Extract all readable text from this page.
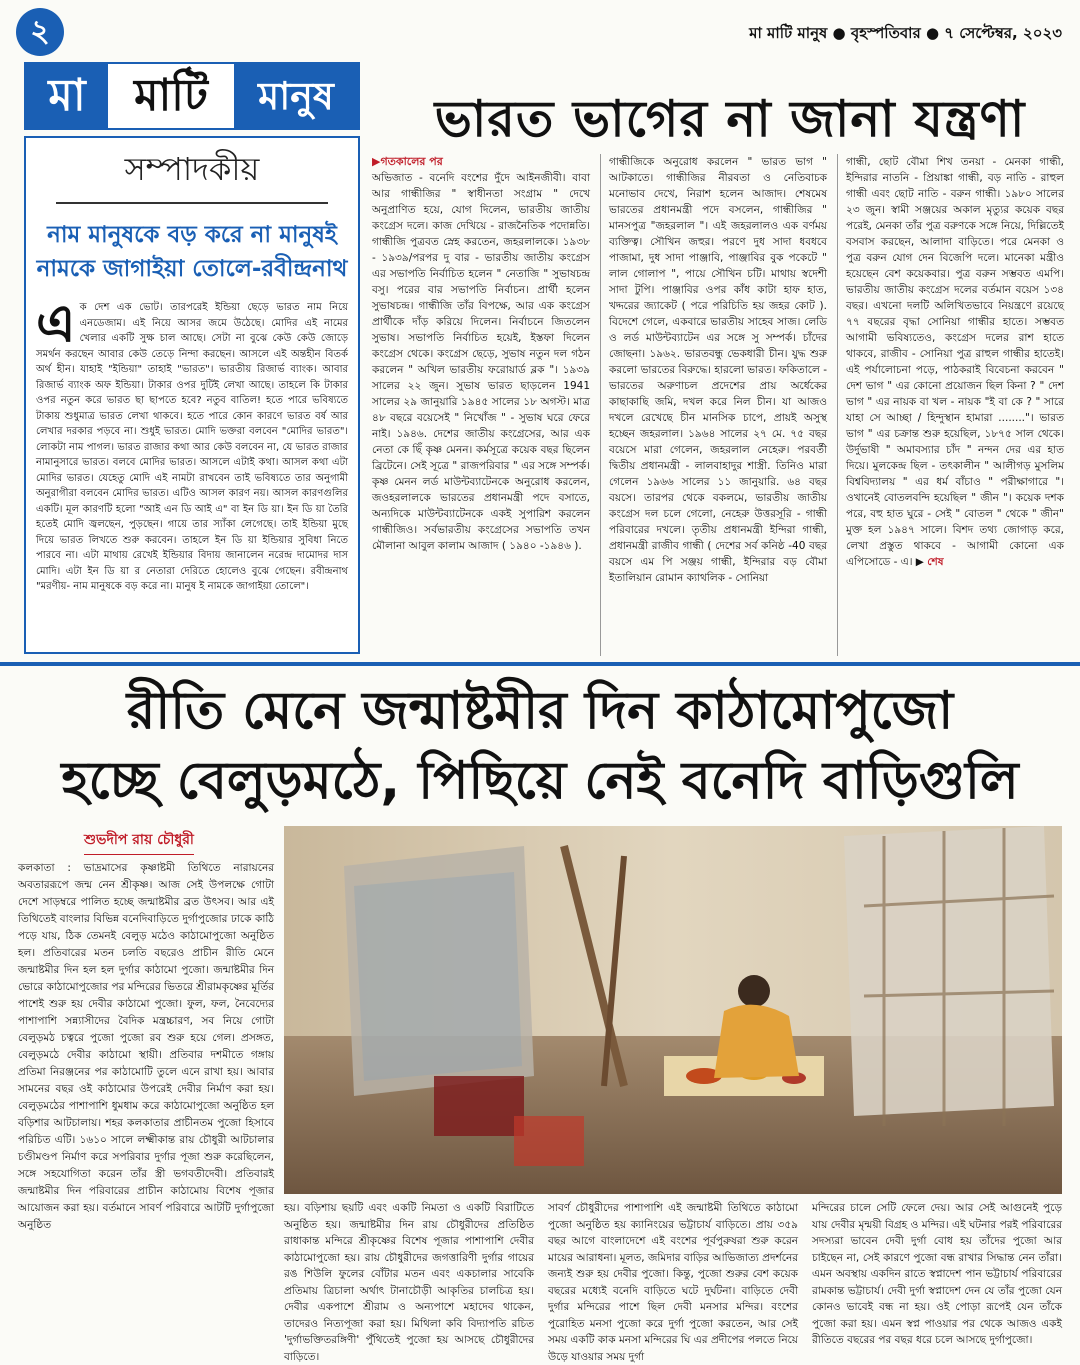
২	মা মাটি মানুষ ● বৃহস্পতিবার ● ৭ সেপ্টেম্বর, ২০২৩
মা	মাটি	মানুষ
সম্পাদকীয়
নাম মানুষকে বড় করে না মানুষই নামকে জাগাইয়া তোলে-রবীন্দ্রনাথ
এ ক দেশ এক ভোট। তারপরেই ইন্ডিয়া ছেড়ে ভারত নাম নিয়ে এনডেজাম। এই নিয়ে আসর জমে উঠেছে। মোদির এই নামের খেলার একটি সুক্ষ চাল আছে। সেটা না বুঝে কেউ কেউ জোড়ে সমর্থন করছেন আবার কেউ তেড়ে নিন্দা করছেন। আসলে এই অন্তহীন বিতর্ক অর্থ হীন। যাহাই "ইন্ডিয়া" তাহাই "ভারত"। ভারতীয় রিজার্ভ ব্যাংক। আবার রিজার্ভ ব্যাংক অফ ইন্ডিয়া। টাকার ওপর দুটিই লেখা আছে। তাহলে কি টাকার ওপর নতুন করে ভারত ছা ছাপতে হবে? নতুব বাতিল! হতে পারে ভবিষ্যতে টাকায় শুধুমাত্র ভারত লেখা থাকবে। হতে পারে কোন কারণে ভারত বর্ষ আর লেখার দরকার পড়বে না। শুধুই ভারত। মোদি ভক্তরা বলবেন "মোদির ভারত"। লোকটা নাম পাগল। ভারত রাজার কথা আর কেউ বলবেন না, যে ভারত রাজার নামানুসারে ভারত। বলবে মোদির ভারত। আসলে এটাই কথা। আসল কথা এটা মোদির ভারত। যেহেতু মোদি এই নামটা রাখবেন তাই ভবিষ্যতে তার অনুগামী অনুরাগীরা বলবেন মোদির ভারত। এটিও আসল কারণ নয়। আসল কারণগুলির একটি। মূল কারণটি হলো "আই এন ডি আই এ" বা ইন ডি য়া। ইন ডি য়া তৈরি হতেই মোদি জ্বলছেন, পুড়ছেন। গায়ে তার স্যাঁকা লেগেছে। তাই ইন্ডিয়া মুছে দিয়ে ভারত লিখতে শুরু করবেন। তাহলে ইন ডি য়া ইন্ডিয়ার সুবিধা নিতে পারবে না। এটা মাথায় রেখেই ইন্ডিয়ার বিদায় জানালেন নরেন্দ্র দামোদর দাস মোদি। এটা ইন ডি য়া র নেতারা দেরিতে হোলেও বুঝে গেছেন। রবীন্দ্রনাথ "মরণীয়- নাম মানুষকে বড় করে না। মানুষ ই নামকে জাগাইয়া তোলে"।
ভারত ভাগের না জানা যন্ত্রণা
▶গতকালের পর
অভিজাত - বনেদি বংশের দুঁদে আইনজীবী। বাবা আর গান্ধীজির " স্বাধীনতা সংগ্রাম " দেখে অনুপ্রাণিত হয়ে, যোগ দিলেন, ভারতীয় জাতীয় কংগ্রেস দলে। কাজ দেখিয়ে - রাজনৈতিক পদোন্নতি। গান্ধীজি পুত্রবত স্নেহ করতেন, জহরলালকে। ১৯৩৮ - ১৯৩৯/পরপর দু বার - ভারতীয় জাতীয় কংগ্রেস এর সভাপতি নির্বাচিত হলেন " নেতাজি " সুভাষচন্দ্র বসু। পরের বার সভাপতি নির্বাচন। প্রার্থী হলেন সুভাষচন্দ্র। গান্ধীজি তাঁর বিপক্ষে, আর এক কংগ্রেস প্রার্থীকে দাঁড় করিয়ে দিলেন। নির্বাচনে জিতলেন সুভাষ। সভাপতি নির্বাচিত হয়েই, ইস্তফা দিলেন কংগ্রেস থেকে। কংগ্রেস ছেড়ে, সুভাষ নতুন দল গঠন করলেন " অখিল ভারতীয় ফরোয়ার্ড ব্লক "। ১৯৩৯ সালের ২২ জুন। সুভাষ ভারত ছাড়লেন 1941 সালের ২৯ জানুয়ারি ১৯৪৫ সালের ১৮ অগস্ট। মাত্র ৪৮ বছরে বয়েসেই " নিখোঁজ " - সুভাষ ঘরে ফেরে নাই। ১৯৪৬. দেশের জাতীয় কংগ্রেসের, আর এক নেতা কে ছিঁ কৃষ্ণ মেনন। কর্মসূত্রে কয়েক বছর ছিলেন ব্রিটেনে। সেই সূত্রে " রাজপরিবার " এর সঙ্গে সম্পর্ক। কৃষ্ণ মেনন লর্ড মাউন্টব্যাটেনকে অনুরোধ করলেন, জওহরলালকে ভারতের প্রধানমন্ত্রী পদে বসাতে, অন্যদিকে মাউন্টব্যাটেনকে একই সুপারিশ করলেন গান্ধীজিও। সর্বভারতীয় কংগ্রেসের সভাপতি তখন মৌলানা আবুল কালাম আজাদ ( ১৯৪০ -১৯৪৬ ).
গান্ধীজিকে অনুরোধ করলেন " ভারত ভাগ " আটকাতে। গান্ধীজির নীরবতা ও নেতিবাচক মনোভাব দেখে, নিরাশ হলেন আজাদ। শেষমেষ ভারতের প্রধানমন্ত্রী পদে বসলেন, গান্ধীজির " মানসপুত্র "জহরলাল "। এই জহরলালও এক বর্ণময় ব্যক্তিত্ব। সৌখিন জহুর। পরণে দুধ সাদা ধবধবে পাজামা, দুধ সাদা পাঞ্জাবি, পাঞ্জাবির বুক পকেটে " লাল গোলাপ ", পায়ে সৌখিন চটি। মাথায় স্বদেশী সাদা টুপি। পাঞ্জাবির ওপর কাঁধ কাটা হাফ হাত, খদ্দরের জ্যাকেট ( পরে পরিচিতি হয় জহর কোট ). বিদেশে গেলে, একবারে ভারতীয় সাহেব সাজ। লেডি ও লর্ড মাউন্টব্যাটেন এর সঙ্গে সু সম্পর্ক। চাঁদের জোছনা। ১৯৬২. ভারতবন্ধু ভেকধারী চীন। যুদ্ধ শুরু করলো ভারতের বিরুদ্ধে। হারলো ভারত। ফকিতালে - ভারতের অরুণাচল প্রদেশের প্রায় অর্ধেকের কাছাকাছি জমি, দখল করে নিল চীন। যা আজও দখলে রেখেছে চীন মানসিক চাপে, প্রায়ই অসুস্থ হচ্ছেন জহরলাল। ১৯৬৪ সালের ২৭ মে. ৭৫ বছর বয়েসে মারা গেলেন, জহরলাল নেহেরু। পরবর্তী দ্বিতীয় প্রধানমন্ত্রী - লালবাহাদুর শাস্ত্রী. তিনিও মারা গেলেন ১৯৬৬ সালের ১১ জানুয়ারি. ৬৪ বছর বয়সে। তারপর থেকে বকলমে, ভারতীয় জাতীয় কংগ্রেস দল চলে গেলো, নেহেরু উত্তরসূরি - গান্ধী পরিবারের দখলে। তৃতীয় প্রধানমন্ত্রী ইন্দিরা গান্ধী, প্রধানমন্ত্রী রাজীব গান্ধী ( দেশের সর্ব কনিষ্ঠ -40 বছর বয়সে এম পি সঞ্জয় গান্ধী, ইন্দিরার বড় বৌমা ইতালিয়ান রোমান ক্যাথলিক - সোনিয়া
গান্ধী, ছোট বৌমা শিখ তনয়া - মেনকা গান্ধী, ইন্দিরার নাতনি - প্রিয়াঙ্কা গান্ধী, বড় নাতি - রাহুল গান্ধী এবং ছোট নাতি - বরুন গান্ধী। ১৯৮০ সালের ২৩ জুন। স্বামী সঞ্জয়ের অকাল মৃত্যুর কয়েক বছর পরেই, মেনকা তাঁর পুত্র বরুণকে সঙ্গে নিয়ে, দিল্লিতেই বসবাস করছেন, আলাদা বাড়িতে। পরে মেনকা ও পুত্র বরুন যোগ দেন বিজেপি দলে। মানেকা মন্ত্রীও হয়েছেন বেশ কয়েকবার। পুত্র বরুন সম্ভবত এমপি। ভারতীয় জাতীয় কংগ্রেস দলের বর্তমান বয়েস ১৩৪ বছর। এখনো দলটি অলিখিতভাবে নিয়ন্ত্রণে রয়েছে ৭৭ বছরের বৃদ্ধা সোনিয়া গান্ধীর হাতে। সম্ভবত আগামী ভবিষ্যতেও, কংগ্রেস দলের রাশ হাতে থাকবে, রাজীব - সোনিয়া পুত্র রাহুল গান্ধীর হাতেই। এই পর্যালোচনা পড়ে, পাঠকরাই বিবেচনা করবেন " দেশ ভাগ " এর কোনো প্রয়োজন ছিল কিনা ? " দেশ ভাগ " এর নায়ক বা খল - নায়ক "ই বা কে ? " সারে যাহা সে আচ্ছা / হিন্দুস্থান হামারা ........"। ভারত ভাগ " এর চক্রান্ত শুরু হয়েছিল, ১৮৭৫ সাল থেকে। উর্দুভাষী " অমাবস্যার চাঁদ " নন্দন দের এর হাত দিয়ে। মুলকেন্দ্র ছিল - তৎকালীন " আলীগড় মুসলিম বিশ্ববিদ্যালয় " এর ধর্ম বাঁচাও " পরীক্ষাগারে "। ওখানেই বোতলবন্দি হয়েছিল " জীন "। কয়েক দশক পরে, বহু হাত ঘুরে - সেই " বোতল " থেকে " জীন" মুক্ত হল ১৯৪৭ সালে। বিশদ তথ্য জোগাড় করে, লেখা প্রস্তুত থাকবে - আগামী কোনো এক এপিসোডে - এ। ▶ শেষ
রীতি মেনে জন্মাষ্টমীর দিন কাঠামোপুজো
হচ্ছে বেলুড়মঠে, পিছিয়ে নেই বনেদি বাড়িগুলি
শুভদীপ রায় চৌধুরী
কলকাতা : ভাদ্রমাসের কৃষ্ণাষ্টমী তিথিতে নারায়নের অবতাররূপে জন্ম নেন শ্রীকৃষ্ণ। আজ সেই উপলক্ষে গোটা দেশে সাড়ম্বরে পালিত হচ্ছে জন্মাষ্টমীর ব্রত উৎসব। আর এই তিথিতেই বাংলার বিভিন্ন বনেদিবাড়িতে দুর্গাপুজোর ঢাকে কাঠি পড়ে যায়, ঠিক তেমনই বেলুড় মঠেও কাঠামোপুজো অনুষ্ঠিত হল। প্রতিবারের মতন চলতি বছরেও প্রাচীন রীতি মেনে জন্মাষ্টমীর দিন হল হল দুর্গার কাঠামো পুজো। জন্মাষ্টমীর দিন ভোরে কাঠামোপুজোর পর মন্দিরের ভিতরে শ্রীরামকৃষ্ণের মূর্তির পাশেই শুরু হয় দেবীর কাঠামো পুজো। ফুল, ফল, নৈবেদ্যের পাশাপাশি সন্ন্যাসীদের বৈদিক মন্ত্রচ্চারণ, সব নিয়ে গোটা বেলুড়মঠ চত্বরে পুজো পুজো রব শুরু হয়ে গেল। প্রসঙ্গত, বেলুড়মঠে দেবীর কাঠামো স্থায়ী। প্রতিবার দশমীতে গঙ্গায় প্রতিমা নিরঞ্জনের পর কাঠামোটি তুলে এনে রাখা হয়। আবার সামনের বছর ওই কাঠামোর উপরেই দেবীর নির্মাণ করা হয়। বেলুড়মঠের পাশাপাশি ধুমধাম করে কাঠামোপুজো অনুষ্ঠিত হল বড়িশার আটচালায়। শহর কলকাতার প্রাচীনতম পুজো হিসাবে পরিচিত এটি। ১৬১০ সালে লক্ষ্মীকান্ত রায় চৌধুরী আটচালার চণ্ডীমণ্ডপ নির্মাণ করে সপরিবার দুর্গার পূজা শুরু করেছিলেন, সঙ্গে সহযোগিতা করেন তাঁর স্ত্রী ভগবতীদেবী। প্রতিবারই জন্মাষ্টমীর দিন পরিবারের প্রাচীন কাঠামোয় বিশেষ পূজার আয়োজন করা হয়। বর্তমানে সাবর্ণ পরিবারে আটটি দুর্গাপুজো অনুষ্ঠিত
হয়। বড়িশায় ছয়টি এবং একটি নিমতা ও একটি বিরাটিতে অনুষ্ঠিত হয়। জন্মাষ্টমীর দিন রায় চৌধুরীদের প্রতিষ্ঠিত রাধাকান্ত মন্দিরে শ্রীকৃষ্ণের বিশেষ পূজার পাশাপাশি দেবীর কাঠামোপুজো হয়। রায় চৌধুরীদের জগত্তারিণী দুর্গার গায়ের রঙ শিউলি ফুলের বোঁটার মতন এবং একচালার সাবেকি প্রতিমায় ত্রিচালা অর্থাৎ টানাচৌড়ী আকৃতির চালচিত্র হয়। দেবীর একপাশে শ্রীরাম ও অন্যপাশে মহাদেব থাকেন, তাদেরও নিত্যপূজা করা হয়। মিথিলা কবি বিদ্যাপতি রচিত 'দুর্গাভক্তিতরঙ্গিণী' পুঁথিতেই পুজো হয় আসছে চৌধুরীদের বাড়িতে।
সাবর্ণ চৌধুরীদের পাশাপাশি এই জন্মাষ্টমী তিথিতে কাঠামো পুজো অনুষ্ঠিত হয় ক্যানিংয়ের ভট্টাচার্য বাড়িতে। প্রায় ৩৫৯ বছর আগে বাংলাদেশে এই বংশের পূর্বপুরুষরা শুরু করেন মায়ের আরাধনা। মূলত, জমিদার বাড়ির আভিজাত্য প্রদর্শনের জন্যই শুরু হয় দেবীর পুজো। কিন্তু, পুজো শুরুর বেশ কয়েক বছরের মধ্যেই বনেদি বাড়িতে ঘটে দুর্ঘটনা। বাড়িতে দেবী দুর্গার মন্দিরের পাশে ছিল দেবী মনসার মন্দির। বংশের পুরোহিত মনসা পুজো করে দুর্গা পুজো করতেন, আর সেই সময় একটি কাক মনসা মন্দিরের ঘি এর প্রদীপের পলতে নিয়ে উড়ে যাওয়ার সময় দুর্গা
মন্দিরের চালে সেটি ফেলে দেয়। আর সেই আগুনেই পুড়ে যায় দেবীর মৃন্ময়ী বিগ্রহ ও মন্দির। এই ঘটনার পরই পরিবারের সদস্যরা ভাবেন দেবী দুর্গা বোধ হয় তাঁদের পুজো আর চাইছেন না, সেই কারণে পুজো বন্ধ রাখার সিদ্ধান্ত নেন তাঁরা। এমন অবস্থায় একদিন রাতে স্বপ্নাদেশ পান ভট্টাচার্য পরিবারের রামকান্ত ভট্টাচার্য। দেবী দুর্গা স্বপ্নাদেশ দেন যে তাঁর পুজো যেন কোনও ভাবেই বন্ধ না হয়। ওই পোড়া রূপেই যেন তাঁকে পুজো করা হয়। এমন স্বপ্ন পাওয়ার পর থেকে আজও একই রীতিতে বছরের পর বছর ধরে চলে আসছে দুর্গাপুজো।
